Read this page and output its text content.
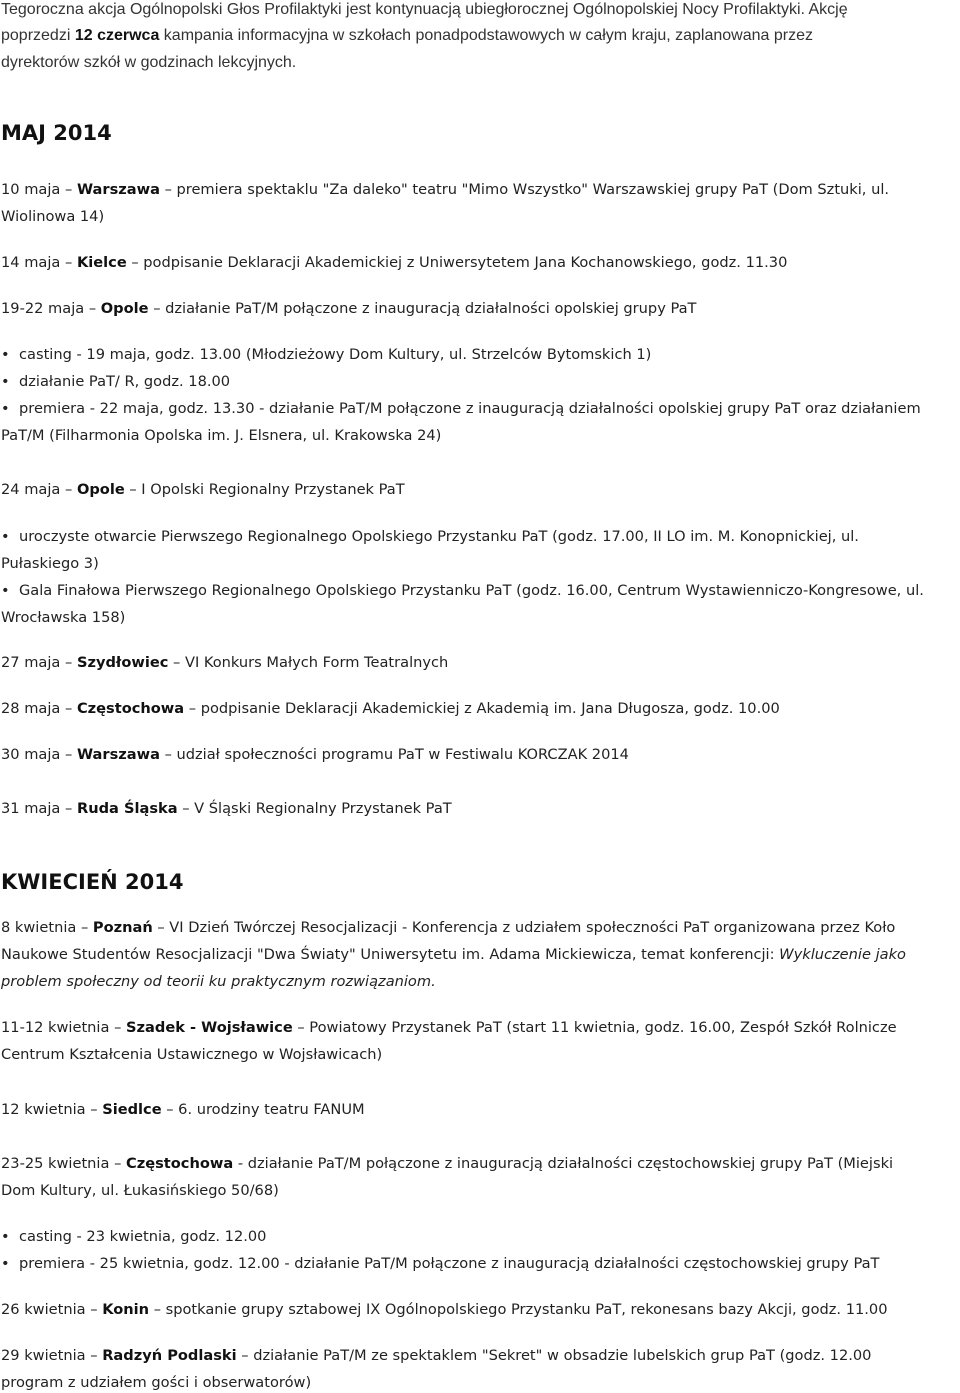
Tegoroczna akcja Ogólnopolski Głos Profilaktyki jest kontynuacją ubiegłorocznej Ogólnopolskiej Nocy Profilaktyki. Akcję
poprzedzi 12 czerwca kampania informacyjna w szkołach ponadpodstawowych w całym kraju, zaplanowana przez
dyrektorów szkół w godzinach lekcyjnych.
MAJ 2014
10 maja – Warszawa – premiera spektaklu "Za daleko" teatru "Mimo Wszystko" Warszawskiej grupy PaT (Dom Sztuki, ul.
Wiolinowa 14)
14 maja – Kielce – podpisanie Deklaracji Akademickiej z Uniwersytetem Jana Kochanowskiego, godz. 11.30
19-22 maja – Opole – działanie PaT/M połączone z inauguracją działalności opolskiej grupy PaT
• casting - 19 maja, godz. 13.00 (Młodzieżowy Dom Kultury, ul. Strzelców Bytomskich 1)
• działanie PaT/ R, godz. 18.00
• premiera - 22 maja, godz. 13.30 - działanie PaT/M połączone z inauguracją działalności opolskiej grupy PaT oraz działaniem
PaT/M (Filharmonia Opolska im. J. Elsnera, ul. Krakowska 24)
24 maja – Opole – I Opolski Regionalny Przystanek PaT
• uroczyste otwarcie Pierwszego Regionalnego Opolskiego Przystanku PaT (godz. 17.00, II LO im. M. Konopnickiej, ul.
Pułaskiego 3)
• Gala Finałowa Pierwszego Regionalnego Opolskiego Przystanku PaT (godz. 16.00, Centrum Wystawienniczo-Kongresowe, ul.
Wrocławska 158)
27 maja – Szydłowiec – VI Konkurs Małych Form Teatralnych
28 maja – Częstochowa – podpisanie Deklaracji Akademickiej z Akademią im. Jana Długosza, godz. 10.00
30 maja – Warszawa – udział społeczności programu PaT w Festiwalu KORCZAK 2014
31 maja – Ruda Śląska – V Śląski Regionalny Przystanek PaT
KWIECIEŃ 2014
8 kwietnia – Poznań – VI Dzień Twórczej Resocjalizacji - Konferencja z udziałem społeczności PaT organizowana przez Koło
Naukowe Studentów Resocjalizacji "Dwa Światy" Uniwersytetu im. Adama Mickiewicza, temat konferencji: Wykluczenie jako
problem społeczny od teorii ku praktycznym rozwiązaniom.
11-12 kwietnia – Szadek - Wojsławice – Powiatowy Przystanek PaT (start 11 kwietnia, godz. 16.00, Zespół Szkół Rolnicze
Centrum Kształcenia Ustawicznego w Wojsławicach)
12 kwietnia – Siedlce – 6. urodziny teatru FANUM
23-25 kwietnia – Częstochowa - działanie PaT/M połączone z inauguracją działalności częstochowskiej grupy PaT (Miejski
Dom Kultury, ul. Łukasińskiego 50/68)
• casting - 23 kwietnia, godz. 12.00
• premiera - 25 kwietnia, godz. 12.00 - działanie PaT/M połączone z inauguracją działalności częstochowskiej grupy PaT
26 kwietnia – Konin – spotkanie grupy sztabowej IX Ogólnopolskiego Przystanku PaT, rekonesans bazy Akcji, godz. 11.00
29 kwietnia – Radzyń Podlaski – działanie PaT/M ze spektaklem "Sekret" w obsadzie lubelskich grup PaT (godz. 12.00
program z udziałem gości i obserwatorów)
